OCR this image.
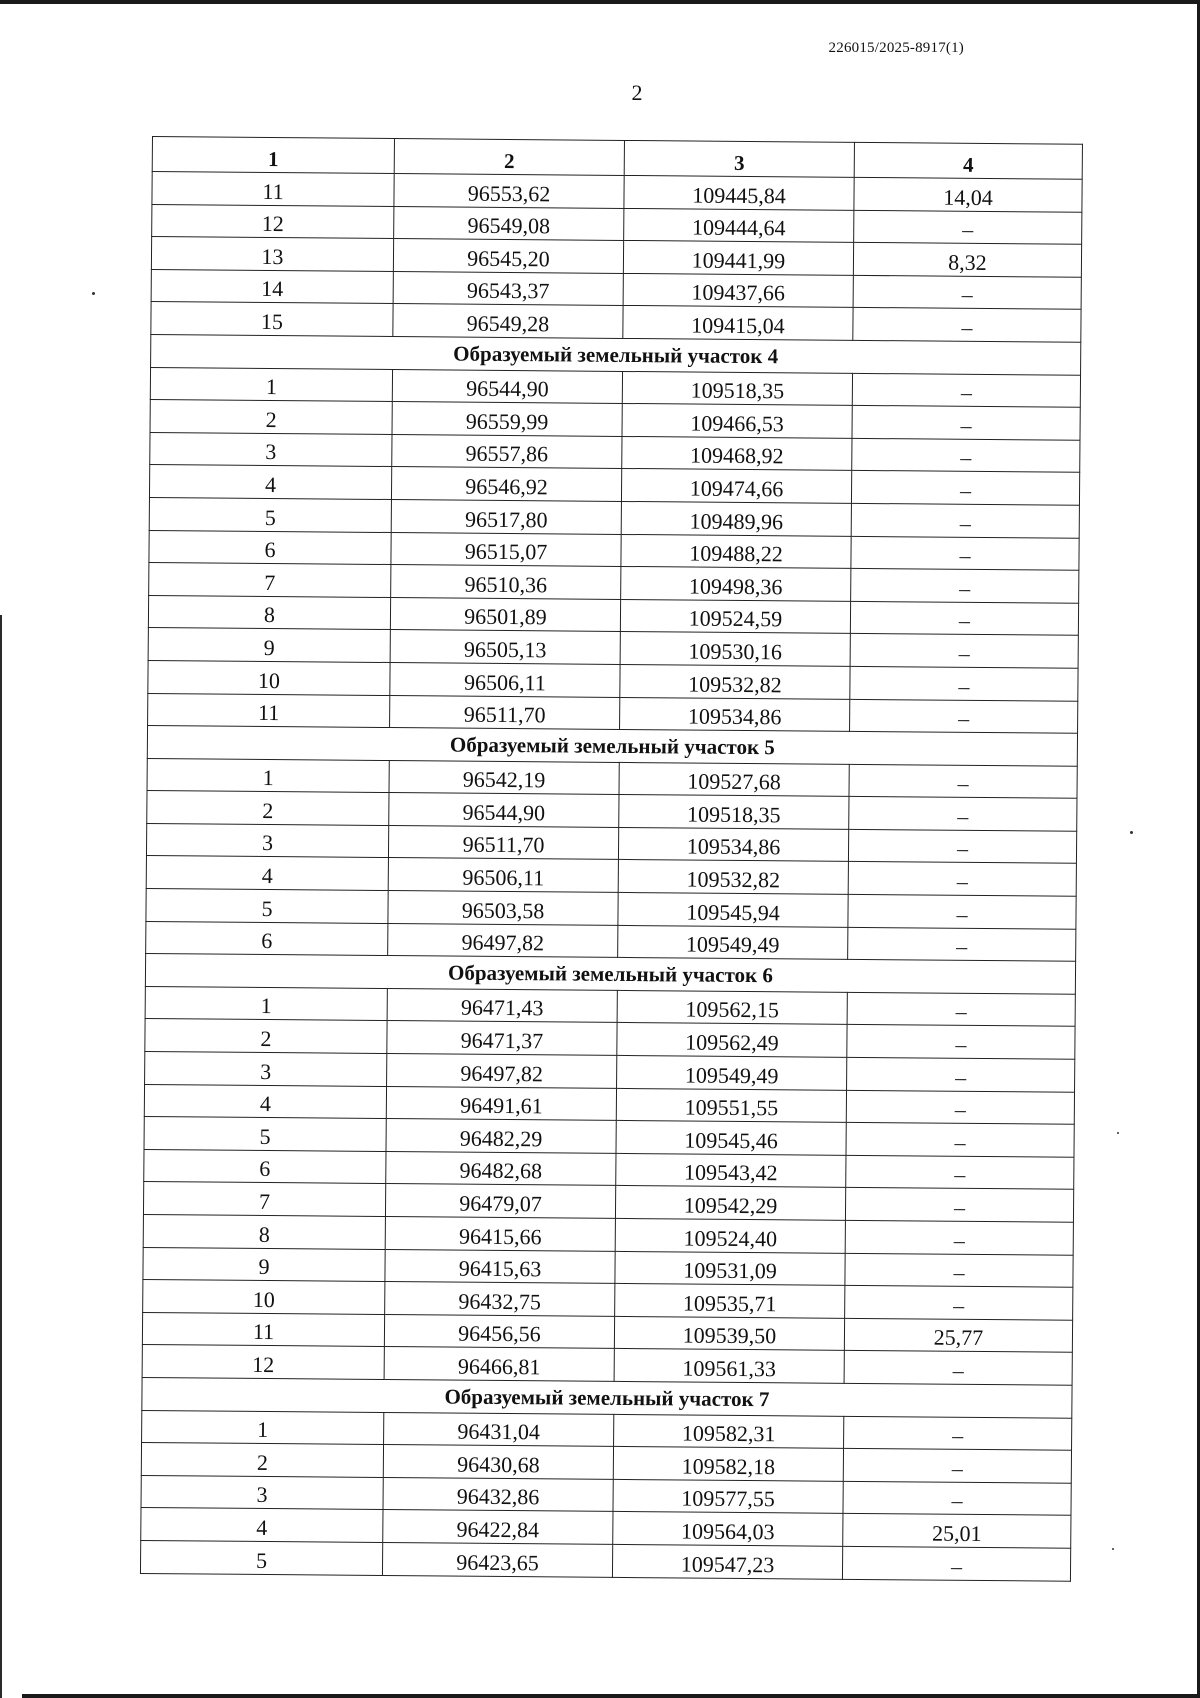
226015/2025-8917(1)
2
1	2	3	4
11	96553,62	109445,84	14,04
12	96549,08	109444,64	–
13	96545,20	109441,99	8,32
14	96543,37	109437,66	–
15	96549,28	109415,04	–
Образуемый земельный участок 4			
1	96544,90	109518,35	–
2	96559,99	109466,53	–
3	96557,86	109468,92	–
4	96546,92	109474,66	–
5	96517,80	109489,96	–
6	96515,07	109488,22	–
7	96510,36	109498,36	–
8	96501,89	109524,59	–
9	96505,13	109530,16	–
10	96506,11	109532,82	–
11	96511,70	109534,86	–
Образуемый земельный участок 5			
1	96542,19	109527,68	–
2	96544,90	109518,35	–
3	96511,70	109534,86	–
4	96506,11	109532,82	–
5	96503,58	109545,94	–
6	96497,82	109549,49	–
Образуемый земельный участок 6			
1	96471,43	109562,15	–
2	96471,37	109562,49	–
3	96497,82	109549,49	–
4	96491,61	109551,55	–
5	96482,29	109545,46	–
6	96482,68	109543,42	–
7	96479,07	109542,29	–
8	96415,66	109524,40	–
9	96415,63	109531,09	–
10	96432,75	109535,71	–
11	96456,56	109539,50	25,77
12	96466,81	109561,33	–
Образуемый земельный участок 7			
1	96431,04	109582,31	–
2	96430,68	109582,18	–
3	96432,86	109577,55	–
4	96422,84	109564,03	25,01
5	96423,65	109547,23	–
